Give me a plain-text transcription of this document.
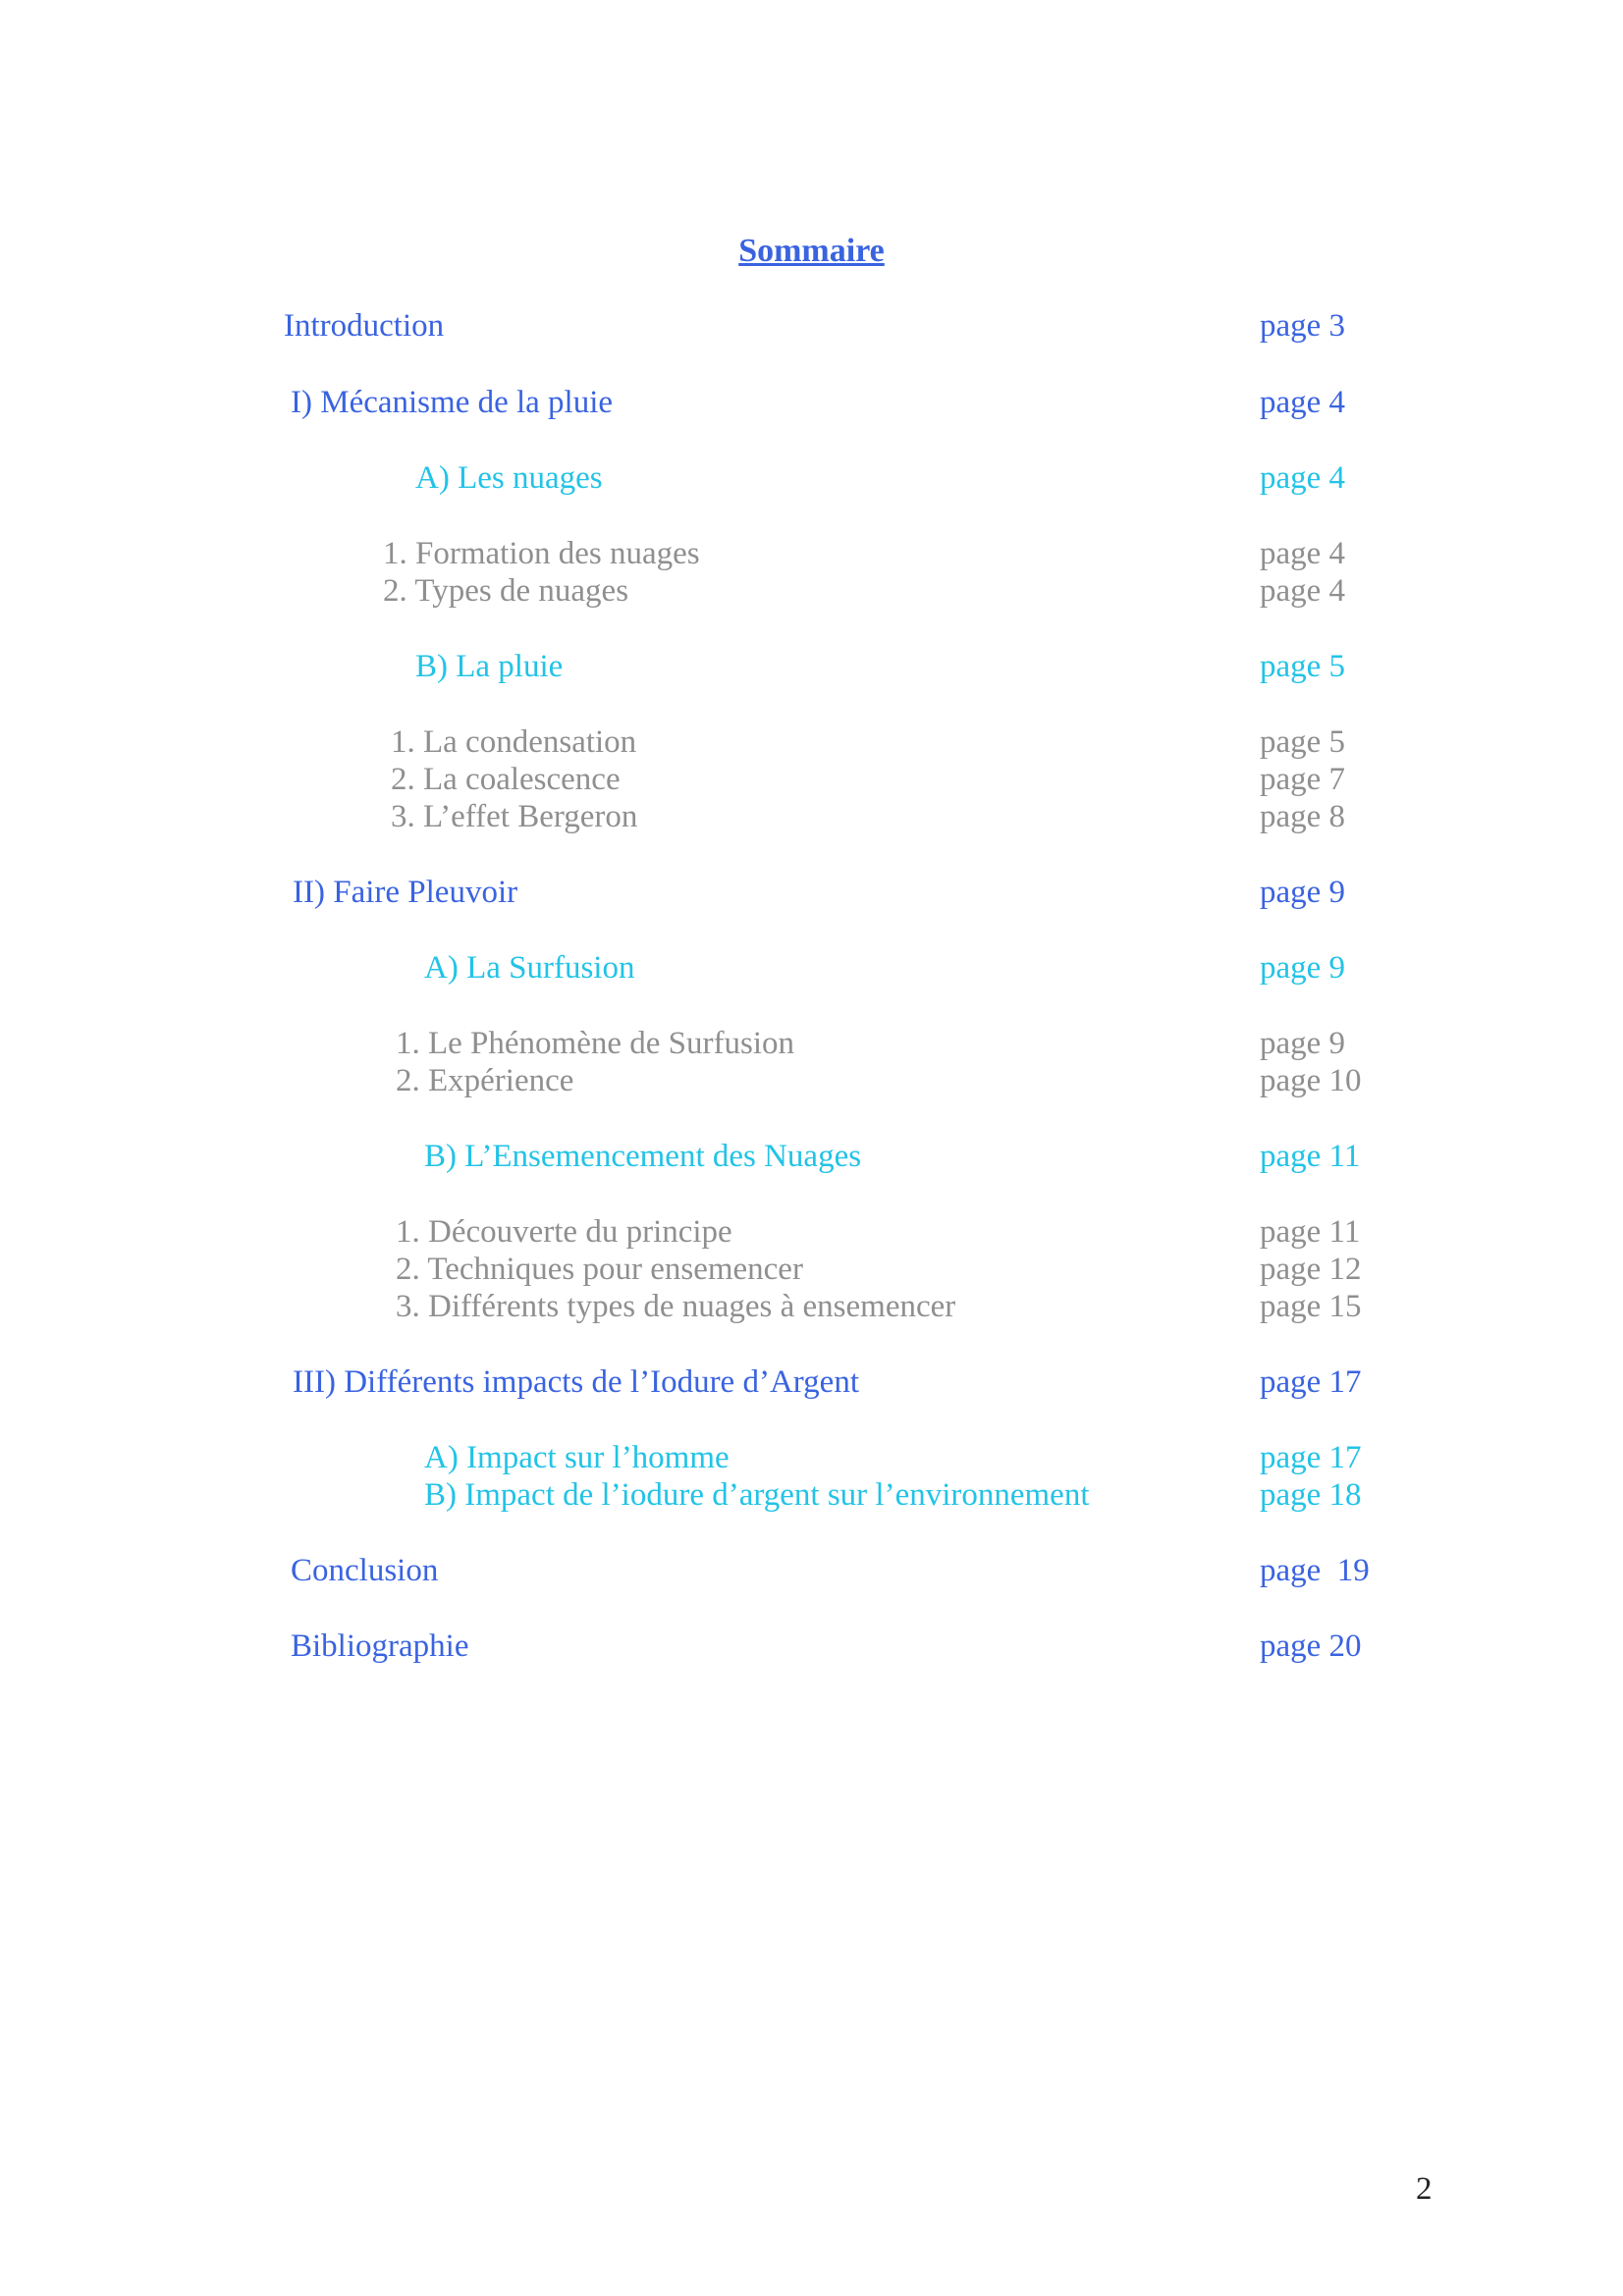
Sommaire
Introduction	page 3
I) Mécanisme de la pluie	page 4
A) Les nuages	page 4
1. Formation des nuages	page 4
2. Types de nuages	page 4
B) La pluie	page 5
1. La condensation	page 5
2. La coalescence	page 7
3. L’effet Bergeron	page 8
II) Faire Pleuvoir	page 9
A) La Surfusion	page 9
1. Le Phénomène de Surfusion	page 9
2. Expérience	page 10
B) L’Ensemencement des Nuages	page 11
1. Découverte du principe	page 11
2. Techniques pour ensemencer	page 12
3. Différents types de nuages à ensemencer	page 15
III) Différents impacts de l’Iodure d’Argent	page 17
A) Impact sur l’homme	page 17
B) Impact de l’iodure d’argent sur l’environnement	page 18
Conclusion	page  19
Bibliographie	page 20
2
